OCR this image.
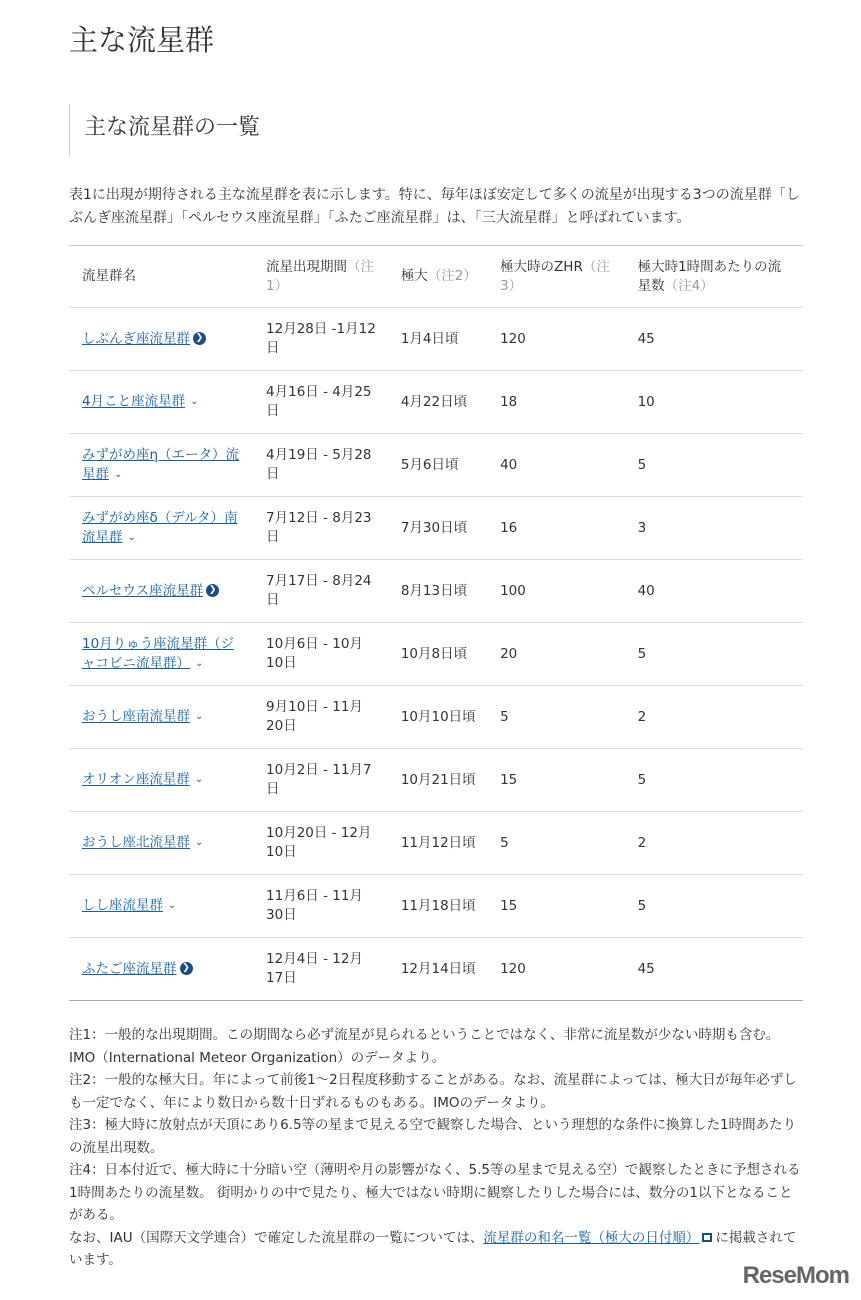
主な流星群
主な流星群の一覧

表1に出現が期待される主な流星群を表に示します。特に、毎年ほぼ安定して多くの流星が出現する3つの流星群「しぶんぎ座流星群」「ペルセウス座流星群」「ふたご座流星群」は、「三大流星群」と呼ばれています。

流星群名	流星出現期間（注1）	極大（注2）	極大時のZHR（注3）	極大時1時間あたりの流星数（注4）
しぶんぎ座流星群 ❯	12月28日 -1月12日	1月4日頃	120	45
4月こと座流星群 ⌄	4月16日 - 4月25日	4月22日頃	18	10
みずがめ座η（エータ）流星群 ⌄	4月19日 - 5月28日	5月6日頃	40	5
みずがめ座δ（デルタ）南流星群 ⌄	7月12日 - 8月23日	7月30日頃	16	3
ペルセウス座流星群 ❯	7月17日 - 8月24日	8月13日頃	100	40
10月りゅう座流星群（ジャコビニ流星群） ⌄	10月6日 - 10月10日	10月8日頃	20	5
おうし座南流星群 ⌄	9月10日 - 11月20日	10月10日頃	5	2
オリオン座流星群 ⌄	10月2日 - 11月7日	10月21日頃	15	5
おうし座北流星群 ⌄	10月20日 - 12月10日	11月12日頃	5	2
しし座流星群 ⌄	11月6日 - 11月30日	11月18日頃	15	5
ふたご座流星群 ❯	12月4日 - 12月17日	12月14日頃	120	45
注1：一般的な出現期間。この期間なら必ず流星が見られるということではなく、非常に流星数が少ない時期も含む。IMO（International Meteor Organization）のデータより。
注2：一般的な極大日。年によって前後1～2日程度移動することがある。なお、流星群によっては、極大日が毎年必ずしも一定でなく、年により数日から数十日ずれるものもある。IMOのデータより。
注3：極大時に放射点が天頂にあり6.5等の星まで見える空で観察した場合、という理想的な条件に換算した1時間あたりの流星出現数。
注4：日本付近で、極大時に十分暗い空（薄明や月の影響がなく、5.5等の星まで見える空）で観察したときに予想される1時間あたりの流星数。 街明かりの中で見たり、極大ではない時期に観察したりした場合には、数分の1以下となることがある。
なお、IAU（国際天文学連合）で確定した流星群の一覧については、流星群の和名一覧（極大の日付順） に掲載されています。
ReseMom
